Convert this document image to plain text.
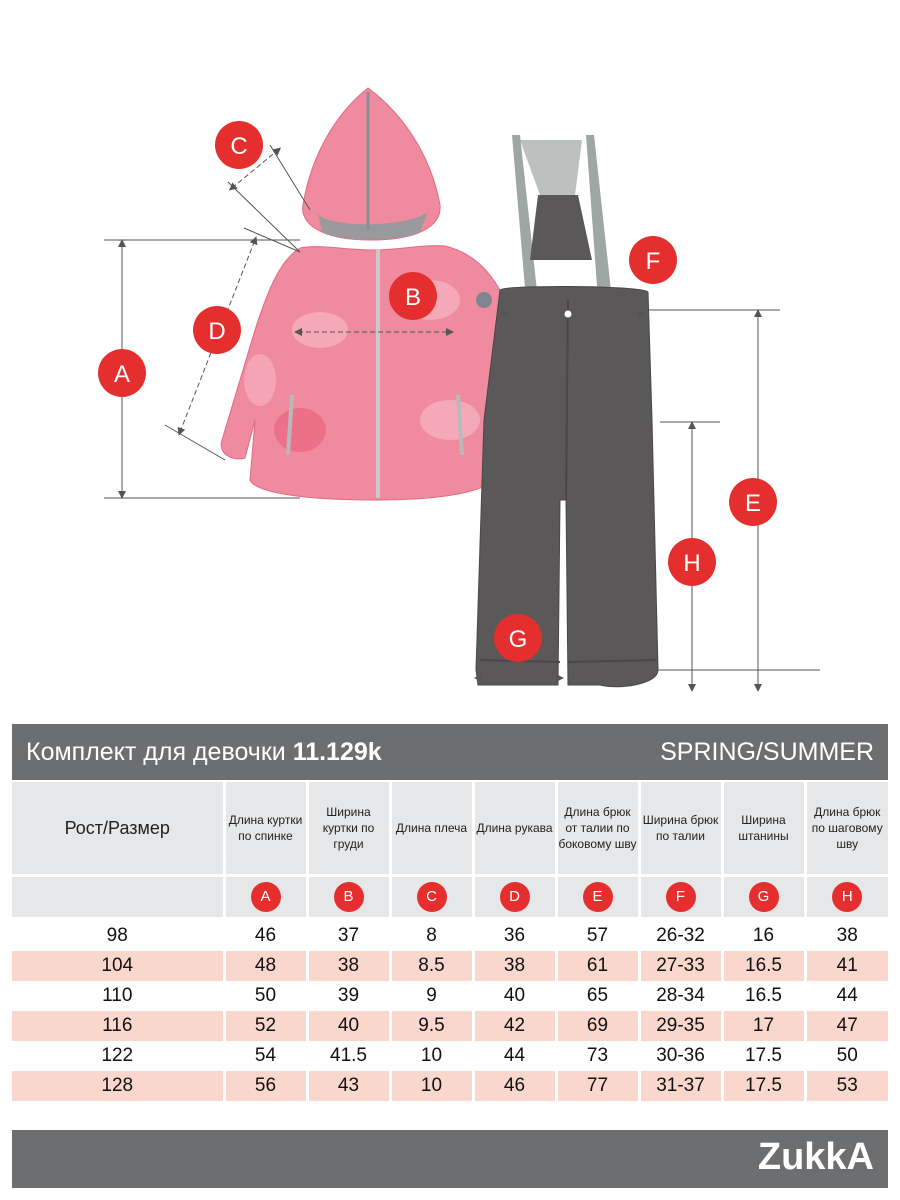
A
B
C
D
E
F
G
H
Комплект для девочки 11.129k	SPRING/SUMMER
Рост/Размер	Длина куртки по спинке	Ширина куртки по груди	Длина плеча	Длина рукава	Длина брюк от талии по боковому шву	Ширина брюк по талии	Ширина штанины	Длина брюк по шаговому шву
	A	B	C	D	E	F	G	H

98	46	37	8	36	57	26-32	16	38
104	48	38	8.5	38	61	27-33	16.5	41
110	50	39	9	40	65	28-34	16.5	44
116	52	40	9.5	42	69	29-35	17	47
122	54	41.5	10	44	73	30-36	17.5	50
128	56	43	10	46	77	31-37	17.5	53
ZukkA
